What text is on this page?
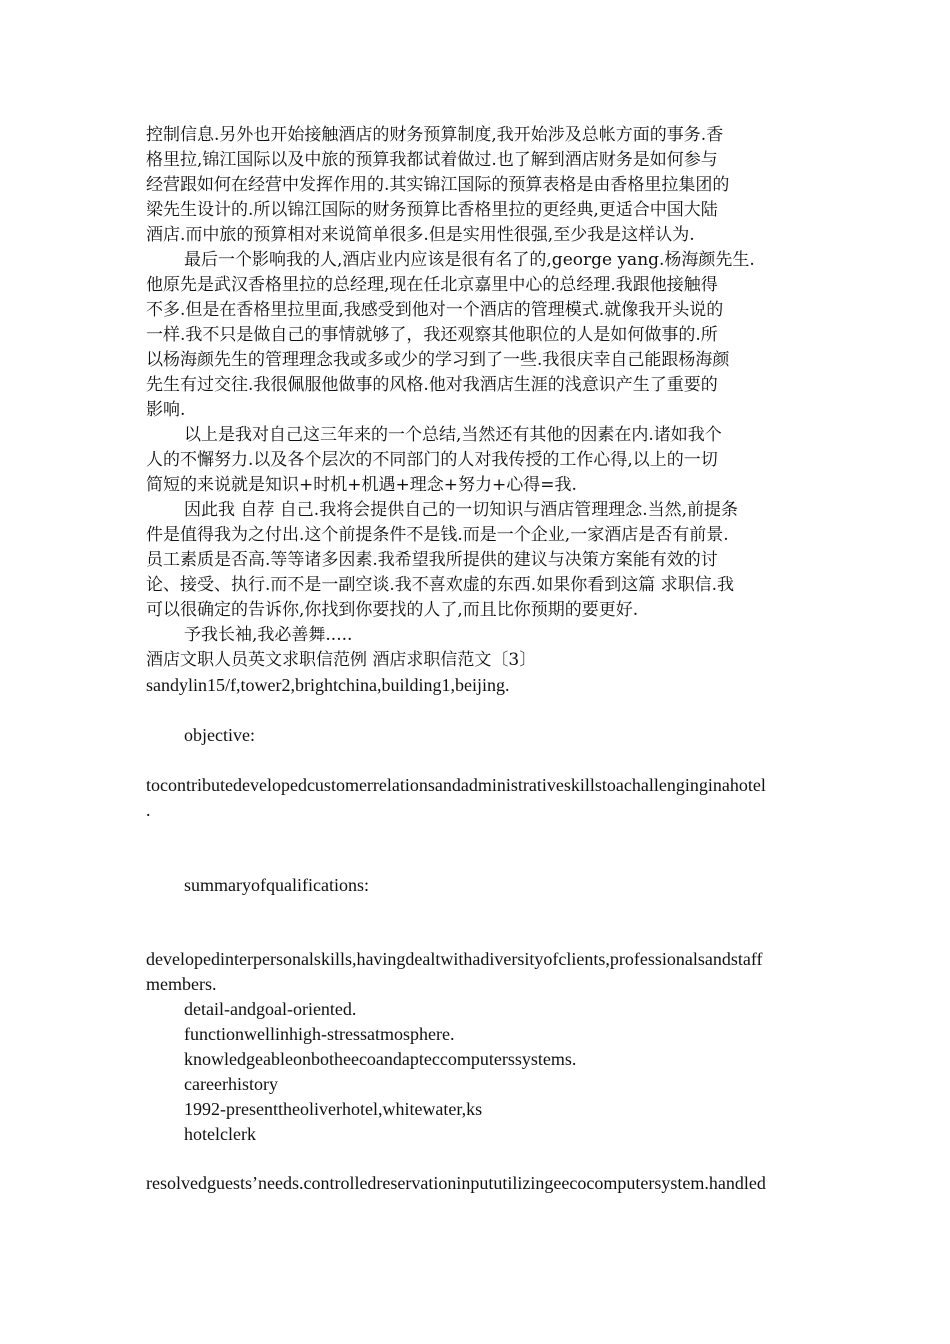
控制信息.另外也开始接触酒店的财务预算制度,我开始涉及总帐方面的事务.香
格里拉,锦江国际以及中旅的预算我都试着做过.也了解到酒店财务是如何参与
经营跟如何在经营中发挥作用的.其实锦江国际的预算表格是由香格里拉集团的
梁先生设计的.所以锦江国际的财务预算比香格里拉的更经典,更适合中国大陆
酒店.而中旅的预算相对来说简单很多.但是实用性很强,至少我是这样认为.
最后一个影响我的人,酒店业内应该是很有名了的,george yang.杨海颜先生.
他原先是武汉香格里拉的总经理,现在任北京嘉里中心的总经理.我跟他接触得
不多.但是在香格里拉里面,我感受到他对一个酒店的管理模式.就像我开头说的
一样.我不只是做自己的事情就够了，我还观察其他职位的人是如何做事的.所
以杨海颜先生的管理理念我或多或少的学习到了一些.我很庆幸自己能跟杨海颜
先生有过交往.我很佩服他做事的风格.他对我酒店生涯的浅意识产生了重要的
影响.
以上是我对自己这三年来的一个总结,当然还有其他的因素在内.诸如我个
人的不懈努力.以及各个层次的不同部门的人对我传授的工作心得,以上的一切
简短的来说就是知识+时机+机遇+理念+努力+心得=我.
因此我 自荐 自己.我将会提供自己的一切知识与酒店管理理念.当然,前提条
件是值得我为之付出.这个前提条件不是钱.而是一个企业,一家酒店是否有前景.
员工素质是否高.等等诸多因素.我希望我所提供的建议与决策方案能有效的讨
论、接受、执行.而不是一副空谈.我不喜欢虚的东西.如果你看到这篇 求职信.我
可以很确定的告诉你,你找到你要找的人了,而且比你预期的要更好.
予我长袖,我必善舞.....
酒店文职人员英文求职信范例 酒店求职信范文〔3〕
sandylin15/f,tower2,brightchina,building1,beijing.
objective:
tocontributedevelopedcustomerrelationsandadministrativeskillstoachallenginginahotel
.
summaryofqualifications:
developedinterpersonalskills,havingdealtwithadiversityofclients,professionalsandstaff
members.
detail-andgoal-oriented.
functionwellinhigh-stressatmosphere.
knowledgeableonbotheecoandapteccomputerssystems.
careerhistory
1992-presenttheoliverhotel,whitewater,ks
hotelclerk
resolvedguests’needs.controlledreservationinpututilizingeecocomputersystem.handled
